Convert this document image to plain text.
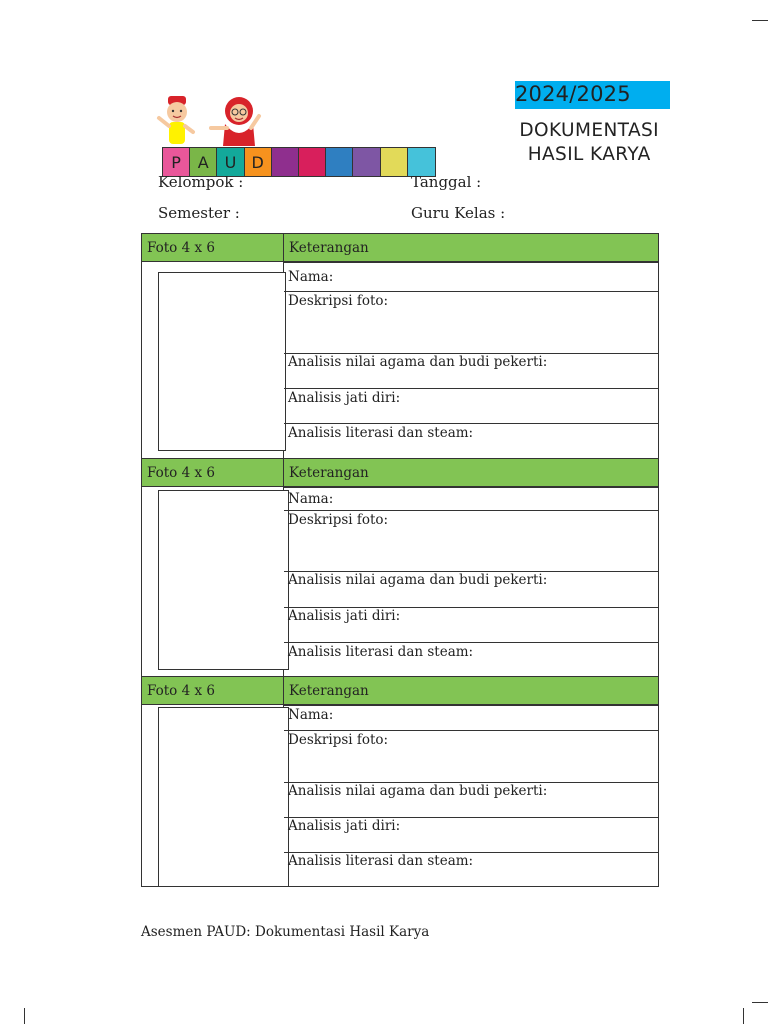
2024/2025
DOKUMENTASI
HASIL KARYA
P	A U D
Kelompok :	Tanggal :
Semester :	Guru Kelas :
Foto 4 x 6	Keterangan
Nama:
Deskripsi foto:
Analisis nilai agama dan budi pekerti:
Analisis jati diri:
Analisis literasi dan steam:
Foto 4 x 6	Keterangan
Nama:
Deskripsi foto:
Analisis nilai agama dan budi pekerti:
Analisis jati diri:
Analisis literasi dan steam:
Foto 4 x 6	Keterangan
Nama:
Deskripsi foto:
Analisis nilai agama dan budi pekerti:
Analisis jati diri:
Analisis literasi dan steam:
Asesmen PAUD: Dokumentasi Hasil Karya
